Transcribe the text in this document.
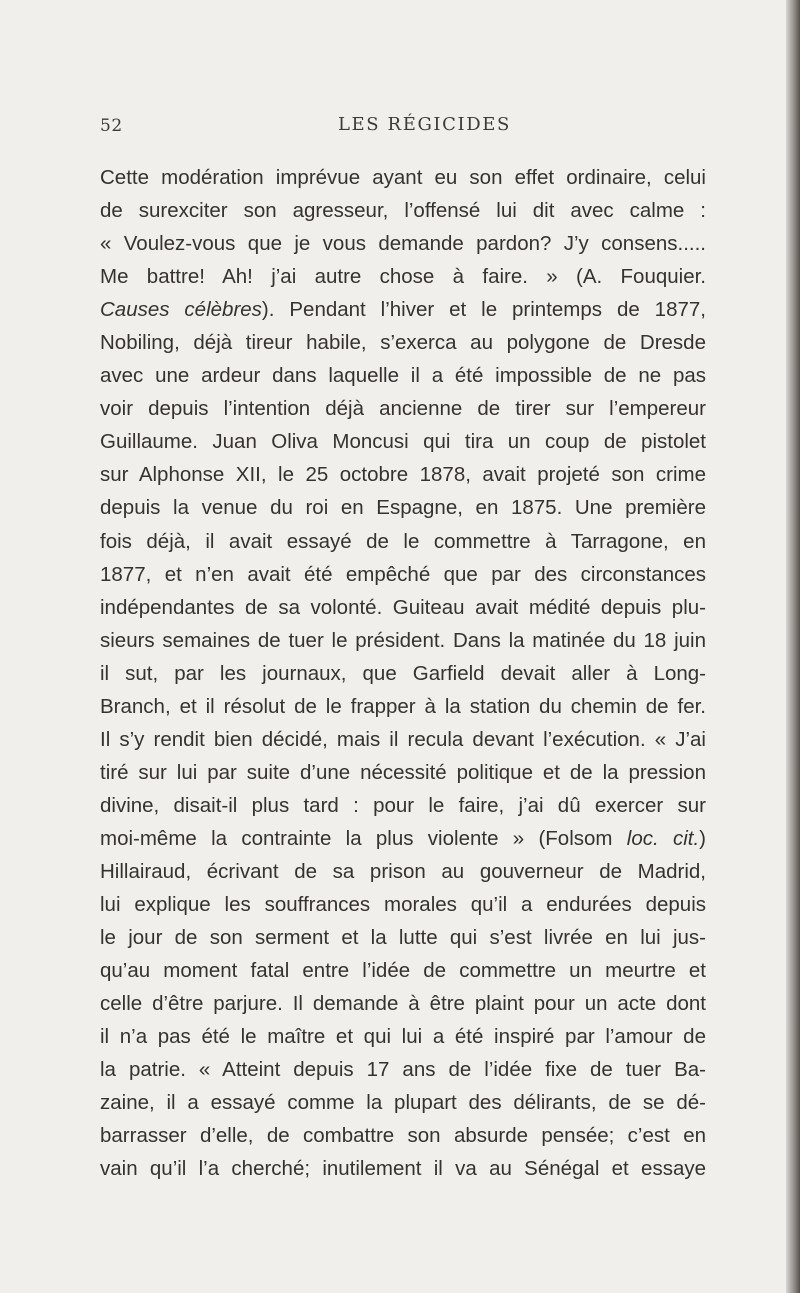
52	LES RÉGICIDES
Cette modération imprévue ayant eu son effet ordinaire, celui
de surexciter son agresseur, l’offensé lui dit avec calme :
« Voulez-vous que je vous demande pardon? J’y consens.....
Me battre! Ah! j’ai autre chose à faire. » (A. Fouquier.
Causes célèbres). Pendant l’hiver et le printemps de 1877,
Nobiling, déjà tireur habile, s’exerca au polygone de Dresde
avec une ardeur dans laquelle il a été impossible de ne pas
voir depuis l’intention déjà ancienne de tirer sur l’empereur
Guillaume. Juan Oliva Moncusi qui tira un coup de pistolet
sur Alphonse XII, le 25 octobre 1878, avait projeté son crime
depuis la venue du roi en Espagne, en 1875. Une première
fois déjà, il avait essayé de le commettre à Tarragone, en
1877, et n’en avait été empêché que par des circonstances
indépendantes de sa volonté. Guiteau avait médité depuis plu-
sieurs semaines de tuer le président. Dans la matinée du 18 juin
il sut, par les journaux, que Garfield devait aller à Long-
Branch, et il résolut de le frapper à la station du chemin de fer.
Il s’y rendit bien décidé, mais il recula devant l’exécution. « J’ai
tiré sur lui par suite d’une nécessité politique et de la pression
divine, disait-il plus tard : pour le faire, j’ai dû exercer sur
moi-même la contrainte la plus violente » (Folsom loc. cit.)
Hillairaud, écrivant de sa prison au gouverneur de Madrid,
lui explique les souffrances morales qu’il a endurées depuis
le jour de son serment et la lutte qui s’est livrée en lui jus-
qu’au moment fatal entre l’idée de commettre un meurtre et
celle d’être parjure. Il demande à être plaint pour un acte dont
il n’a pas été le maître et qui lui a été inspiré par l’amour de
la patrie. « Atteint depuis 17 ans de l’idée fixe de tuer Ba-
zaine, il a essayé comme la plupart des délirants, de se dé-
barrasser d’elle, de combattre son absurde pensée; c’est en
vain qu’il l’a cherché; inutilement il va au Sénégal et essaye
